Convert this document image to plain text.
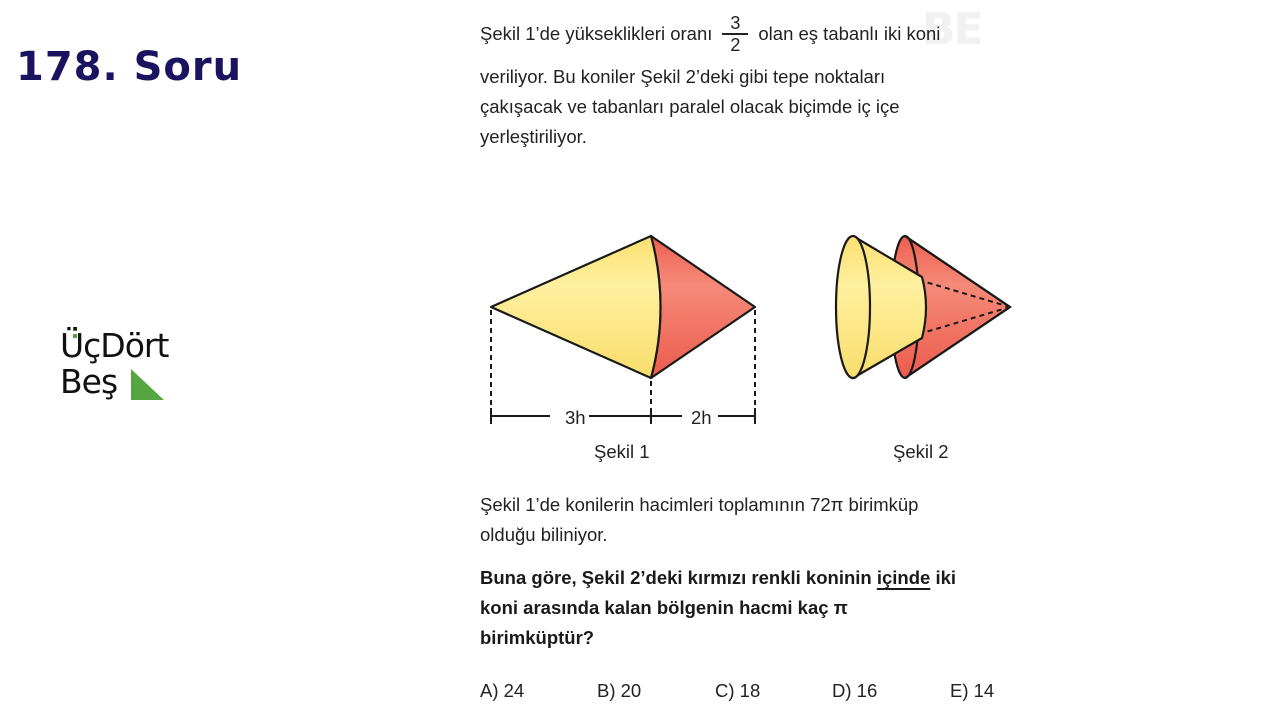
178. Soru
ÜçDört
Beş
BE
Şekil 1’de yükseklikleri oranı $\frac{3}{2}$ olan eş tabanlı iki koni
veriliyor. Bu koniler Şekil 2’deki gibi tepe noktaları
çakışacak ve tabanları paralel olacak biçimde iç içe
yerleştiriliyor.
3h	2h
Şekil 1	Şekil 2
Şekil 1’de konilerin hacimleri toplamının 72π birimküp
olduğu biliniyor.
Buna göre, Şekil 2’deki kırmızı renkli koninin içinde iki
koni arasında kalan bölgenin hacmi kaç π
birimküptür?
A) 24	B) 20	C) 18	D) 16	E) 14
